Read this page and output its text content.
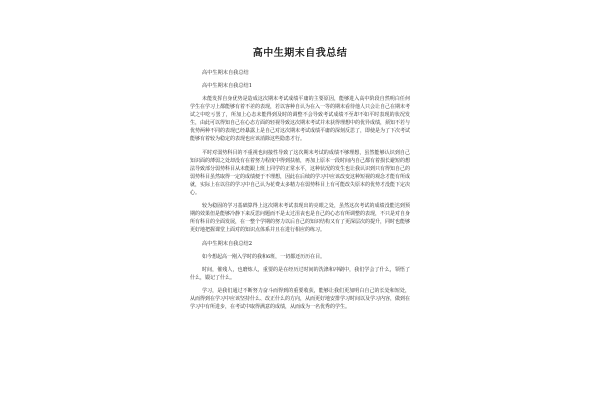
高中生期末自我总结
高中生期末自我总结
高中生期末自我总结1

未能发挥自身优势是造成这次期末考试成绩平庸的主要原因，能够进入高中阶段自然明白任何学生在学习上都能够有着不差的表现，若以客种自认为在入一等的期末看待他人只会让自己在期末考试之中吃亏罢了，所加上心态未能得到及时的调整不会导致考试成绩不至却不如平时表现的状况发生，由此可以得知自己在心态方面的轻视导致这次期末考试并未获得理想中的优异成绩，须知不若与优势两种不同的表现已经暴露上是自己对这次期末考试成绩平庸的深刻反思了，即使是为了下次考试能够有着较为稳定的表现也应该消除这些隐患才行。

平时对弱势科目的不重视也间接性导致了这次期末考试的成绩不够理想，虽然能够认识到自己知识面的薄弱之处却没有在着努力程度中得到扶植，再加上原本一段时间内自己都有着损长避短的想法导致部分弱势科目从未能跟上班上同学的正常水平，这种状况的发生也让我认识到只有得知自己的弱势科目虽然取得一定的成绩便于不理想，因此在后续的学习中应该改变这种短视的观念才能有所成就，实际上在以往的学习中自己认为花费太多精力在弱势科目上有可能改失原本的优势才没能下定决心。

较为稳固的学习基础算得上这次期末考试表现出的亮眼之处，虽然这次考试的成绩没能达到预期的效果但是能够冷静下来反思问题而不是太过沮丧也是自己的心态有所调整的表现，不只是对自身所有科目的全面发展，在一整个学期的努力以后自己的知识结构又有了更深层次的提升，同时也能够更好地把握课堂上面对的知识点体系并且在进行相应的练习。

高中生期末自我总结2

如今想起高一刚入学时的我和6班，一切都还历历在目。

时间，催残人，也磨炼人，重要的是在经历过时间的洗涤和冲刷中，我们学会了什么，领悟了什么，锻记了什么。

学习，是我们通过不断努力奋斗而得到的重要收获，能够让我们更加明白自己的长处和短处，从而得到在学习中应该坚持什么、改正什么的方向，从而更好地安排学习时间以及学习内容，做到在学习中有所进步，在考试中取得满意的成绩，从而成为一名优秀的学生。
